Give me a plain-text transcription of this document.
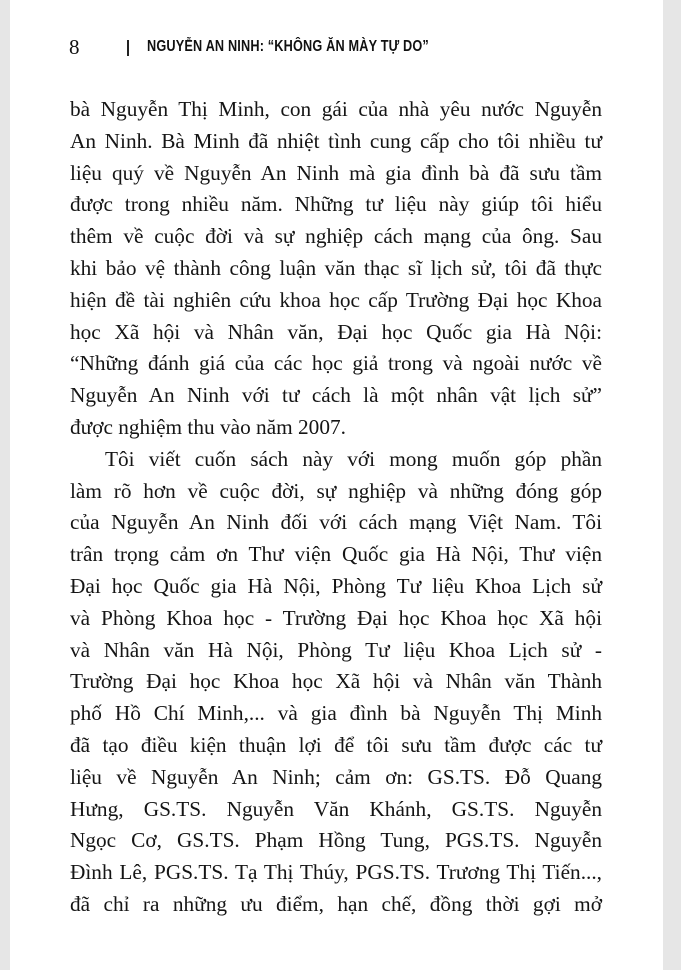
8	NGUYỄN AN NINH: “KHÔNG ĂN MÀY TỰ DO”
bà Nguyễn Thị Minh, con gái của nhà yêu nước Nguyễn
An Ninh. Bà Minh đã nhiệt tình cung cấp cho tôi nhiều tư
liệu quý về Nguyễn An Ninh mà gia đình bà đã sưu tầm
được trong nhiều năm. Những tư liệu này giúp tôi hiểu
thêm về cuộc đời và sự nghiệp cách mạng của ông. Sau
khi bảo vệ thành công luận văn thạc sĩ lịch sử, tôi đã thực
hiện đề tài nghiên cứu khoa học cấp Trường Đại học Khoa
học Xã hội và Nhân văn, Đại học Quốc gia Hà Nội:
“Những đánh giá của các học giả trong và ngoài nước về
Nguyễn An Ninh với tư cách là một nhân vật lịch sử”
được nghiệm thu vào năm 2007.
Tôi viết cuốn sách này với mong muốn góp phần
làm rõ hơn về cuộc đời, sự nghiệp và những đóng góp
của Nguyễn An Ninh đối với cách mạng Việt Nam. Tôi
trân trọng cảm ơn Thư viện Quốc gia Hà Nội, Thư viện
Đại học Quốc gia Hà Nội, Phòng Tư liệu Khoa Lịch sử
và Phòng Khoa học - Trường Đại học Khoa học Xã hội
và Nhân văn Hà Nội, Phòng Tư liệu Khoa Lịch sử -
Trường Đại học Khoa học Xã hội và Nhân văn Thành
phố Hồ Chí Minh,... và gia đình bà Nguyễn Thị Minh
đã tạo điều kiện thuận lợi để tôi sưu tầm được các tư
liệu về Nguyễn An Ninh; cảm ơn: GS.TS. Đỗ Quang
Hưng, GS.TS. Nguyễn Văn Khánh, GS.TS. Nguyễn
Ngọc Cơ, GS.TS. Phạm Hồng Tung, PGS.TS. Nguyễn
Đình Lê, PGS.TS. Tạ Thị Thúy, PGS.TS. Trương Thị Tiến...,
đã chỉ ra những ưu điểm, hạn chế, đồng thời gợi mở
